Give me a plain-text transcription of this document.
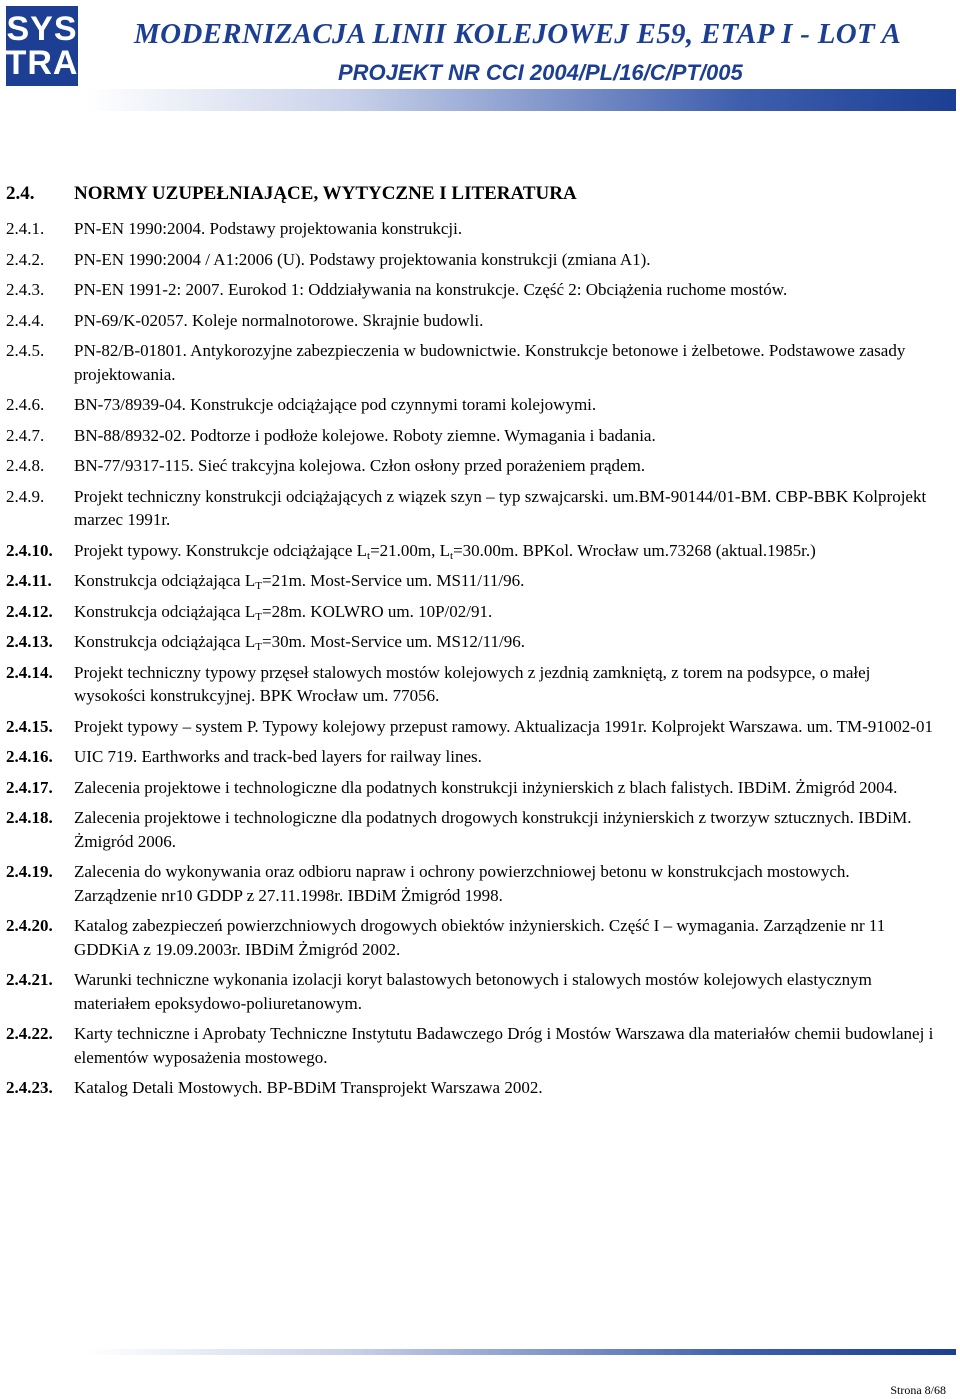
SYS
TRA
MODERNIZACJA LINII KOLEJOWEJ E59, ETAP I - LOT A
PROJEKT NR CCI 2004/PL/16/C/PT/005
2.4. NORMY UZUPEŁNIAJĄCE, WYTYCZNE I LITERATURA
2.4.1. PN-EN 1990:2004. Podstawy projektowania konstrukcji.
2.4.2. PN-EN 1990:2004 / A1:2006 (U). Podstawy projektowania konstrukcji (zmiana A1).
2.4.3. PN-EN 1991-2: 2007. Eurokod 1: Oddziaływania na konstrukcje. Część 2: Obciążenia ruchome mostów.
2.4.4. PN-69/K-02057. Koleje normalnotorowe. Skrajnie budowli.
2.4.5. PN-82/B-01801. Antykorozyjne zabezpieczenia w budownictwie. Konstrukcje betonowe i żelbetowe. Podstawowe zasady projektowania.
2.4.6. BN-73/8939-04. Konstrukcje odciążające pod czynnymi torami kolejowymi.
2.4.7. BN-88/8932-02. Podtorze i podłoże kolejowe. Roboty ziemne. Wymagania i badania.
2.4.8. BN-77/9317-115. Sieć trakcyjna kolejowa. Człon osłony przed porażeniem prądem.
2.4.9. Projekt techniczny konstrukcji odciążających z wiązek szyn – typ szwajcarski. um.BM-90144/01-BM. CBP-BBK Kolprojekt marzec 1991r.
2.4.10. Projekt typowy. Konstrukcje odciążające $L_t=21.00m$, $L_t=30.00m$. BPKol. Wrocław um.73268 (aktual.1985r.)
2.4.11. Konstrukcja odciążająca $L_T=21m$. Most-Service um. MS11/11/96.
2.4.12. Konstrukcja odciążająca $L_T=28m$. KOLWRO um. 10P/02/91.
2.4.13. Konstrukcja odciążająca $L_T=30m$. Most-Service um. MS12/11/96.
2.4.14. Projekt techniczny typowy przęseł stalowych mostów kolejowych z jezdnią zamkniętą, z torem na podsypce, o małej wysokości konstrukcyjnej. BPK Wrocław um. 77056.
2.4.15. Projekt typowy – system P. Typowy kolejowy przepust ramowy. Aktualizacja 1991r. Kolprojekt Warszawa. um. TM-91002-01
2.4.16. UIC 719. Earthworks and track-bed layers for railway lines.
2.4.17. Zalecenia projektowe i technologiczne dla podatnych konstrukcji inżynierskich z blach falistych. IBDiM. Żmigród 2004.
2.4.18. Zalecenia projektowe i technologiczne dla podatnych drogowych konstrukcji inżynierskich z tworzyw sztucznych. IBDiM. Żmigród 2006.
2.4.19. Zalecenia do wykonywania oraz odbioru napraw i ochrony powierzchniowej betonu w konstrukcjach mostowych. Zarządzenie nr10 GDDP z 27.11.1998r. IBDiM Żmigród 1998.
2.4.20. Katalog zabezpieczeń powierzchniowych drogowych obiektów inżynierskich. Część I – wymagania. Zarządzenie nr 11 GDDKiA z 19.09.2003r. IBDiM Żmigród 2002.
2.4.21. Warunki techniczne wykonania izolacji koryt balastowych betonowych i stalowych mostów kolejowych elastycznym materiałem epoksydowo-poliuretanowym.
2.4.22. Karty techniczne i Aprobaty Techniczne Instytutu Badawczego Dróg i Mostów Warszawa dla materiałów chemii budowlanej i elementów wyposażenia mostowego.
2.4.23. Katalog Detali Mostowych. BP-BDiM Transprojekt Warszawa 2002.
Strona 8/68
